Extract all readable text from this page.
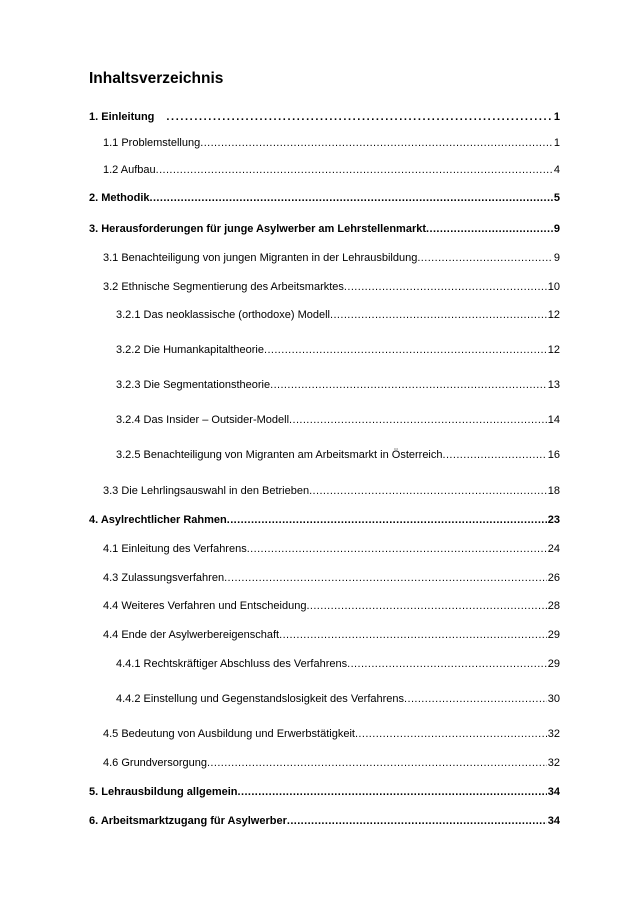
Inhaltsverzeichnis
1. Einleitung .....	1
1.1 Problemstellung .....	1
1.2 Aufbau .....	4
2. Methodik .....	5
3. Herausforderungen für junge Asylwerber am Lehrstellenmarkt .....	9
3.1 Benachteiligung von jungen Migranten in der Lehrausbildung .....	9
3.2 Ethnische Segmentierung des Arbeitsmarktes .....	10
3.2.1 Das neoklassische (orthodoxe) Modell .....	12
3.2.2 Die Humankapitaltheorie .....	12
3.2.3 Die Segmentationstheorie .....	13
3.2.4 Das Insider – Outsider-Modell .....	14
3.2.5 Benachteiligung von Migranten am Arbeitsmarkt in Österreich .....	16
3.3 Die Lehrlingsauswahl in den Betrieben .....	18
4. Asylrechtlicher Rahmen .....	23
4.1 Einleitung des Verfahrens .....	24
4.3 Zulassungsverfahren .....	26
4.4 Weiteres Verfahren und Entscheidung .....	28
4.4 Ende der Asylwerbereigenschaft .....	29
4.4.1 Rechtskräftiger Abschluss des Verfahrens .....	29
4.4.2 Einstellung und Gegenstandslosigkeit des Verfahrens .....	30
4.5 Bedeutung von Ausbildung und Erwerbstätigkeit .....	32
4.6 Grundversorgung .....	32
5. Lehrausbildung allgemein .....	34
6. Arbeitsmarktzugang für Asylwerber .....	34
